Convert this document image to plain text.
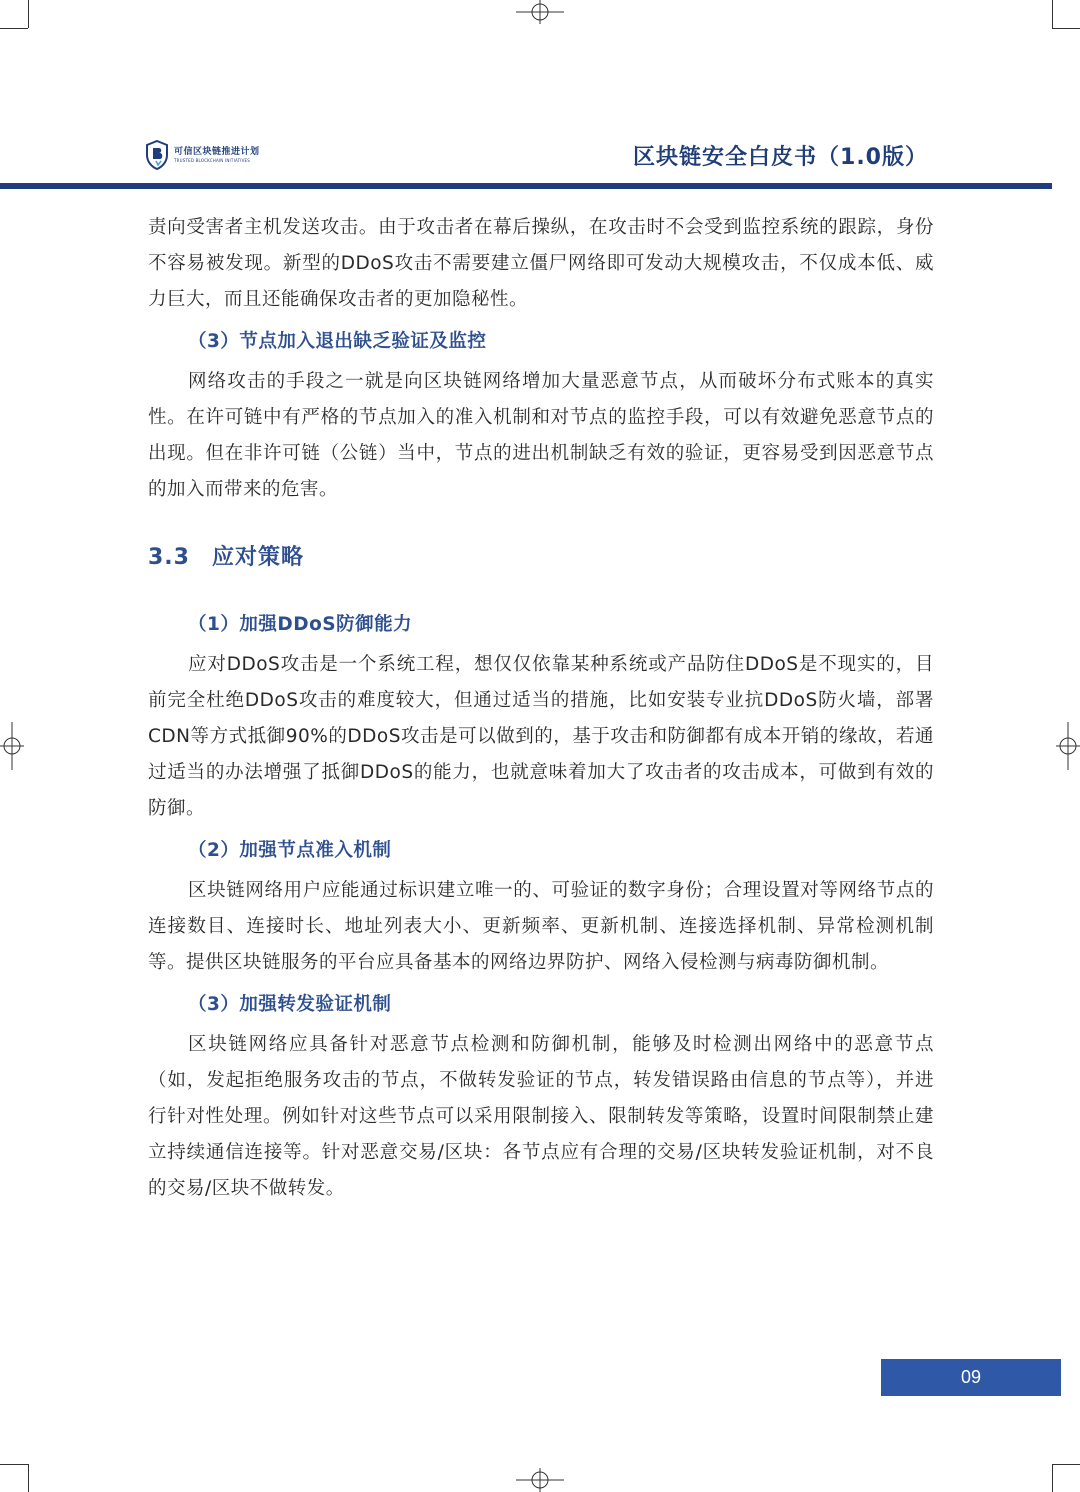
可信区块链推进计划
TRUSTED BLOCKCHAIN INITIATIVES	区块链安全白皮书（1.0版）

责向受害者主机发送攻击。由于攻击者在幕后操纵，在攻击时不会受到监控系统的跟踪，身份不容易被发现。新型的DDoS攻击不需要建立僵尸网络即可发动大规模攻击，不仅成本低、威力巨大，而且还能确保攻击者的更加隐秘性。

（3）节点加入退出缺乏验证及监控

网络攻击的手段之一就是向区块链网络增加大量恶意节点，从而破坏分布式账本的真实性。在许可链中有严格的节点加入的准入机制和对节点的监控手段，可以有效避免恶意节点的出现。但在非许可链（公链）当中，节点的进出机制缺乏有效的验证，更容易受到因恶意节点的加入而带来的危害。

3.3 应对策略
（1）加强DDoS防御能力

应对DDoS攻击是一个系统工程，想仅仅依靠某种系统或产品防住DDoS是不现实的，目前完全杜绝DDoS攻击的难度较大，但通过适当的措施，比如安装专业抗DDoS防火墙，部署CDN等方式抵御90%的DDoS攻击是可以做到的，基于攻击和防御都有成本开销的缘故，若通过适当的办法增强了抵御DDoS的能力，也就意味着加大了攻击者的攻击成本，可做到有效的防御。

（2）加强节点准入机制

区块链网络用户应能通过标识建立唯一的、可验证的数字身份；合理设置对等网络节点的连接数目、连接时长、地址列表大小、更新频率、更新机制、连接选择机制、异常检测机制等。提供区块链服务的平台应具备基本的网络边界防护、网络入侵检测与病毒防御机制。

（3）加强转发验证机制

区块链网络应具备针对恶意节点检测和防御机制，能够及时检测出网络中的恶意节点（如，发起拒绝服务攻击的节点，不做转发验证的节点，转发错误路由信息的节点等），并进行针对性处理。例如针对这些节点可以采用限制接入、限制转发等策略，设置时间限制禁止建立持续通信连接等。针对恶意交易/区块：各节点应有合理的交易/区块转发验证机制，对不良的交易/区块不做转发。

09
